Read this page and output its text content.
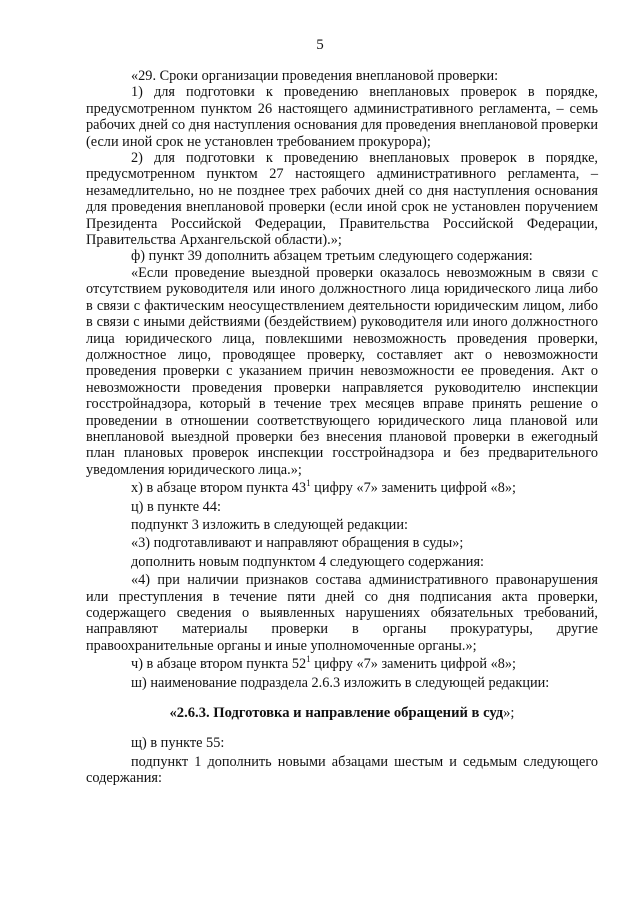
5

«29. Сроки организации проведения внеплановой проверки:

1) для подготовки к проведению внеплановых проверок в порядке, предусмотренном пунктом 26 настоящего административного регламента, – семь рабочих дней со дня наступления основания для проведения внеплановой проверки (если иной срок не установлен требованием прокурора);

2) для подготовки к проведению внеплановых проверок в порядке, предусмотренном пунктом 27 настоящего административного регламента, – незамедлительно, но не позднее трех рабочих дней со дня наступления основания для проведения внеплановой проверки (если иной срок не установлен поручением Президента Российской Федерации, Правительства Российской Федерации, Правительства Архангельской области).»;

ф) пункт 39 дополнить абзацем третьим следующего содержания:

«Если проведение выездной проверки оказалось невозможным в связи с отсутствием руководителя или иного должностного лица юридического лица либо в связи с фактическим неосуществлением деятельности юридическим лицом, либо в связи с иными действиями (бездействием) руководителя или иного должностного лица юридического лица, повлекшими невозможность проведения проверки, должностное лицо, проводящее проверку, составляет акт о невозможности проведения проверки с указанием причин невозможности ее проведения. Акт о невозможности проведения проверки направляется руководителю инспекции госстройнадзора, который в течение трех месяцев вправе принять решение о проведении в отношении соответствующего юридического лица плановой или внеплановой выездной проверки без внесения плановой проверки в ежегодный план плановых проверок инспекции госстройнадзора и без предварительного уведомления юридического лица.»;

х) в абзаце втором пункта $43^1$ цифру «7» заменить цифрой «8»;

ц) в пункте 44:

подпункт 3 изложить в следующей редакции:

«3) подготавливают и направляют обращения в суды»;

дополнить новым подпунктом 4 следующего содержания:

«4) при наличии признаков состава административного правонарушения или преступления в течение пяти дней со дня подписания акта проверки, содержащего сведения о выявленных нарушениях обязательных требований, направляют материалы проверки в органы прокуратуры, другие правоохранительные органы и иные уполномоченные органы.»;

ч) в абзаце втором пункта $52^1$ цифру «7» заменить цифрой «8»;

ш) наименование подраздела 2.6.3 изложить в следующей редакции:

«2.6.3. Подготовка и направление обращений в суд»;

щ) в пункте 55:

подпункт 1 дополнить новыми абзацами шестым и седьмым следующего содержания:
